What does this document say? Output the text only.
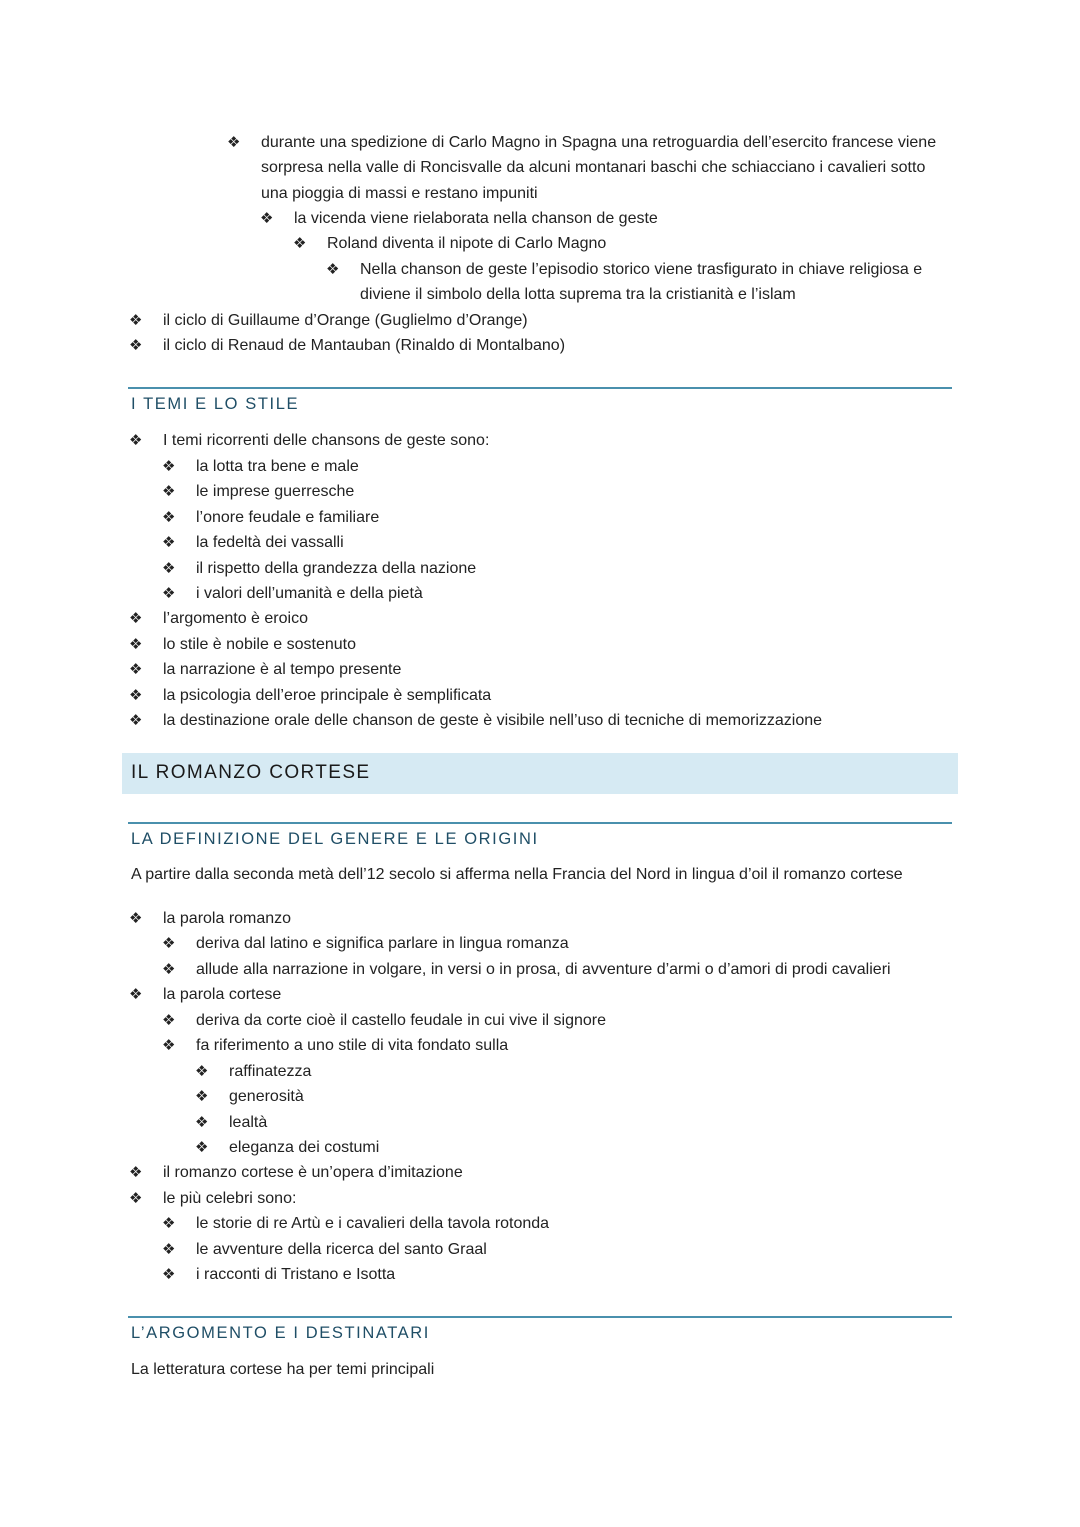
❖ durante una spedizione di Carlo Magno in Spagna una retroguardia dell’esercito francese viene sorpresa nella valle di Roncisvalle da alcuni montanari baschi che schiacciano i cavalieri sotto una pioggia di massi e restano impuniti
❖ la vicenda viene rielaborata nella chanson de geste
❖ Roland diventa il nipote di Carlo Magno
❖ Nella chanson de geste l’episodio storico viene trasfigurato in chiave religiosa e diviene il simbolo della lotta suprema tra la cristianità e l’islam
❖ il ciclo di Guillaume d’Orange (Guglielmo d’Orange)
❖ il ciclo di Renaud de Mantauban (Rinaldo di Montalbano)
I TEMI E LO STILE
❖ I temi ricorrenti delle chansons de geste sono:
❖ la lotta tra bene e male
❖ le imprese guerresche
❖ l’onore feudale e familiare
❖ la fedeltà dei vassalli
❖ il rispetto della grandezza della nazione
❖ i valori dell’umanità e della pietà
❖ l’argomento è eroico
❖ lo stile è nobile e sostenuto
❖ la narrazione è al tempo presente
❖ la psicologia dell’eroe principale è semplificata
❖ la destinazione orale delle chanson de geste è visibile nell’uso di tecniche di memorizzazione
IL ROMANZO CORTESE
LA DEFINIZIONE DEL GENERE E LE ORIGINI
A partire dalla seconda metà dell’12 secolo si afferma nella Francia del Nord in lingua d’oil il romanzo cortese
❖ la parola romanzo
❖ deriva dal latino e significa parlare in lingua romanza
❖ allude alla narrazione in volgare, in versi o in prosa, di avventure d’armi o d’amori di prodi cavalieri
❖ la parola cortese
❖ deriva da corte cioè il castello feudale in cui vive il signore
❖ fa riferimento a uno stile di vita fondato sulla
❖ raffinatezza
❖ generosità
❖ lealtà
❖ eleganza dei costumi
❖ il romanzo cortese è un’opera d’imitazione
❖ le più celebri sono:
❖ le storie di re Artù e i cavalieri della tavola rotonda
❖ le avventure della ricerca del santo Graal
❖ i racconti di Tristano e Isotta
L’ARGOMENTO E I DESTINATARI
La letteratura cortese ha per temi principali
